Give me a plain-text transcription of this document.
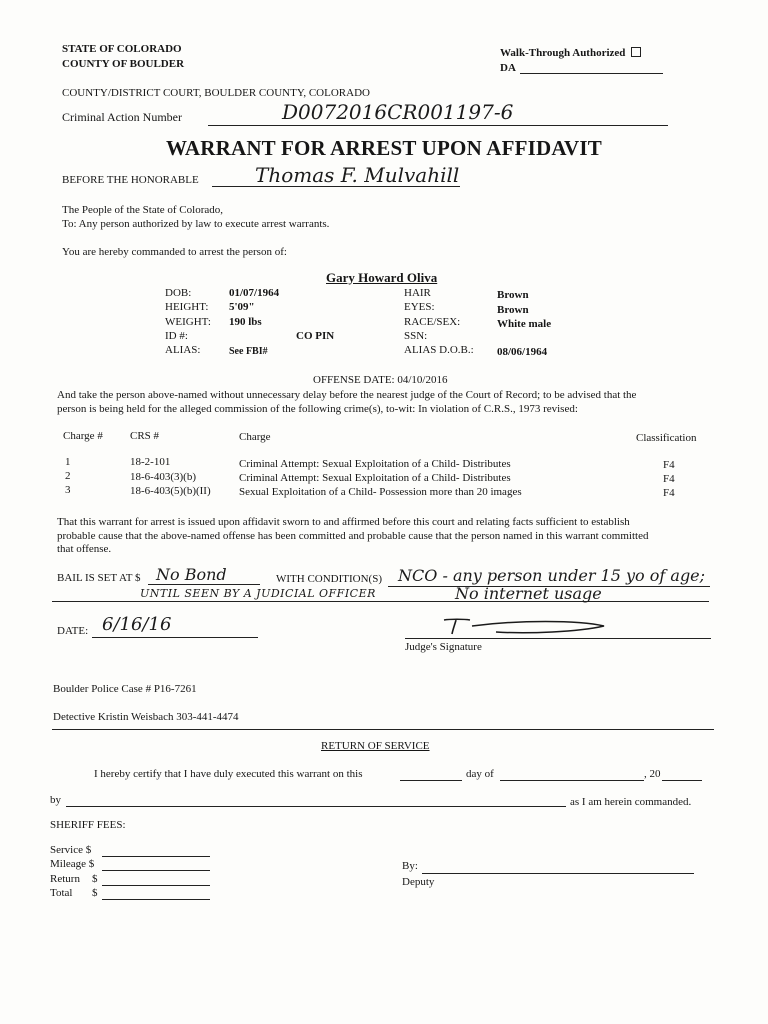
STATE OF COLORADO
COUNTY OF BOULDER
Walk-Through Authorized
DA
COUNTY/DISTRICT COURT, BOULDER COUNTY, COLORADO
Criminal Action Number	D0072016CR001197-6
WARRANT FOR ARREST UPON AFFIDAVIT
BEFORE THE HONORABLE	Thomas F. Mulvahill
The People of the State of Colorado,
To: Any person authorized by law to execute arrest warrants.
You are hereby commanded to arrest the person of:
Gary Howard Oliva
DOB:	01/07/1964
HEIGHT: 5'09"
WEIGHT: 190 lbs
ID #:	CO PIN
ALIAS:	See FBI#
HAIR	Brown
EYES:	Brown
RACE/SEX:	White male
SSN:
ALIAS D.O.B.: 08/06/1964
OFFENSE DATE: 04/10/2016
And take the person above-named without unnecessary delay before the nearest judge of the Court of Record; to be advised that the
person is being held for the alleged commission of the following crime(s), to-wit: In violation of C.R.S., 1973 revised:
Charge # CRS #	Charge	Classification
1	18-2-101	Criminal Attempt: Sexual Exploitation of a Child- Distributes	F4
2	18-6-403(3)(b)	Criminal Attempt: Sexual Exploitation of a Child- Distributes	F4
3	18-6-403(5)(b)(II)	Sexual Exploitation of a Child- Possession more than 20 images	F4
That this warrant for arrest is issued upon affidavit sworn to and affirmed before this court and relating facts sufficient to establish
probable cause that the above-named offense has been committed and probable cause that the person named in this warrant committed
that offense.
BAIL IS SET AT $ No Bond	WITH CONDITION(S) NCO - any person under 15 yo of age;
UNTIL SEEN BY A JUDICIAL OFFICER	No internet usage
DATE: 6/16/16
Judge's Signature
Boulder Police Case # P16-7261
Detective Kristin Weisbach 303-441-4474
RETURN OF SERVICE
I hereby certify that I have duly executed this warrant on this	day of	, 20
by	as I am herein commanded.
SHERIFF FEES:
Service $
Mileage $
Return $
Total $
By:
Deputy
